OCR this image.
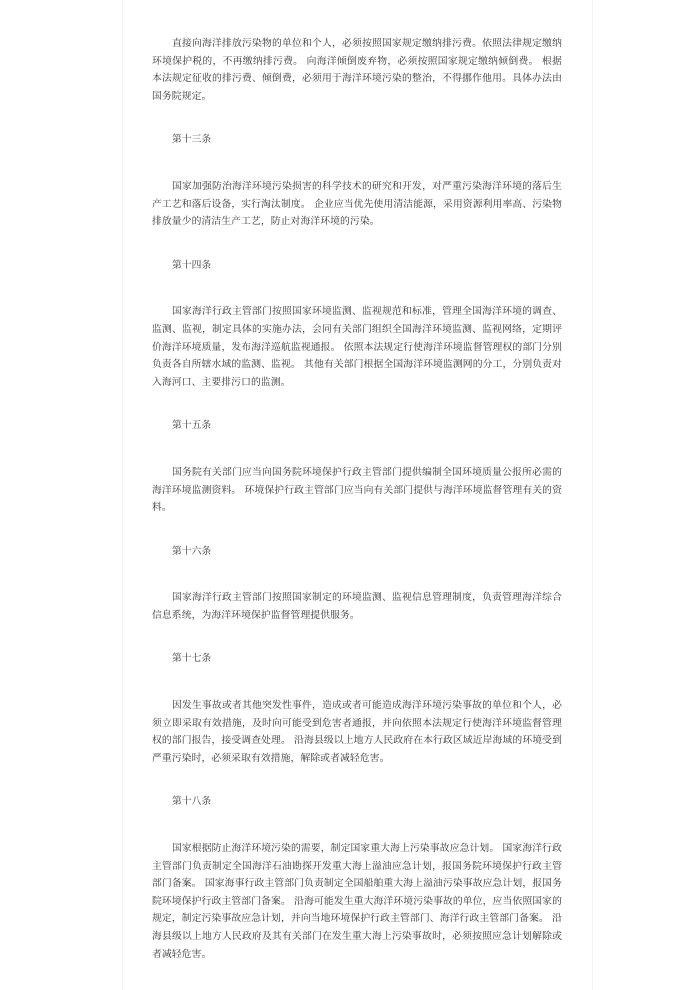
直接向海洋排放污染物的单位和个人，必须按照国家规定缴纳排污费。依照法律规定缴纳环境保护税的，不再缴纳排污费。 向海洋倾倒废弃物，必须按照国家规定缴纳倾倒费。 根据本法规定征收的排污费、倾倒费，必须用于海洋环境污染的整治，不得挪作他用。具体办法由国务院规定。

第十三条

国家加强防治海洋环境污染损害的科学技术的研究和开发，对严重污染海洋环境的落后生产工艺和落后设备，实行淘汰制度。 企业应当优先使用清洁能源，采用资源利用率高、污染物排放量少的清洁生产工艺，防止对海洋环境的污染。

第十四条

国家海洋行政主管部门按照国家环境监测、监视规范和标准，管理全国海洋环境的调查、监测、监视，制定具体的实施办法，会同有关部门组织全国海洋环境监测、监视网络，定期评价海洋环境质量，发布海洋巡航监视通报。 依照本法规定行使海洋环境监督管理权的部门分别负责各自所辖水域的监测、监视。 其他有关部门根据全国海洋环境监测网的分工，分别负责对入海河口、主要排污口的监测。

第十五条

国务院有关部门应当向国务院环境保护行政主管部门提供编制全国环境质量公报所必需的海洋环境监测资料。 环境保护行政主管部门应当向有关部门提供与海洋环境监督管理有关的资料。

第十六条

国家海洋行政主管部门按照国家制定的环境监测、监视信息管理制度，负责管理海洋综合信息系统，为海洋环境保护监督管理提供服务。

第十七条

因发生事故或者其他突发性事件，造成或者可能造成海洋环境污染事故的单位和个人，必须立即采取有效措施，及时向可能受到危害者通报，并向依照本法规定行使海洋环境监督管理权的部门报告，接受调查处理。 沿海县级以上地方人民政府在本行政区域近岸海域的环境受到严重污染时，必须采取有效措施，解除或者减轻危害。

第十八条

国家根据防止海洋环境污染的需要，制定国家重大海上污染事故应急计划。 国家海洋行政主管部门负责制定全国海洋石油勘探开发重大海上溢油应急计划，报国务院环境保护行政主管部门备案。 国家海事行政主管部门负责制定全国船舶重大海上溢油污染事故应急计划，报国务院环境保护行政主管部门备案。 沿海可能发生重大海洋环境污染事故的单位，应当依照国家的规定，制定污染事故应急计划，并向当地环境保护行政主管部门、海洋行政主管部门备案。 沿海县级以上地方人民政府及其有关部门在发生重大海上污染事故时，必须按照应急计划解除或者减轻危害。
